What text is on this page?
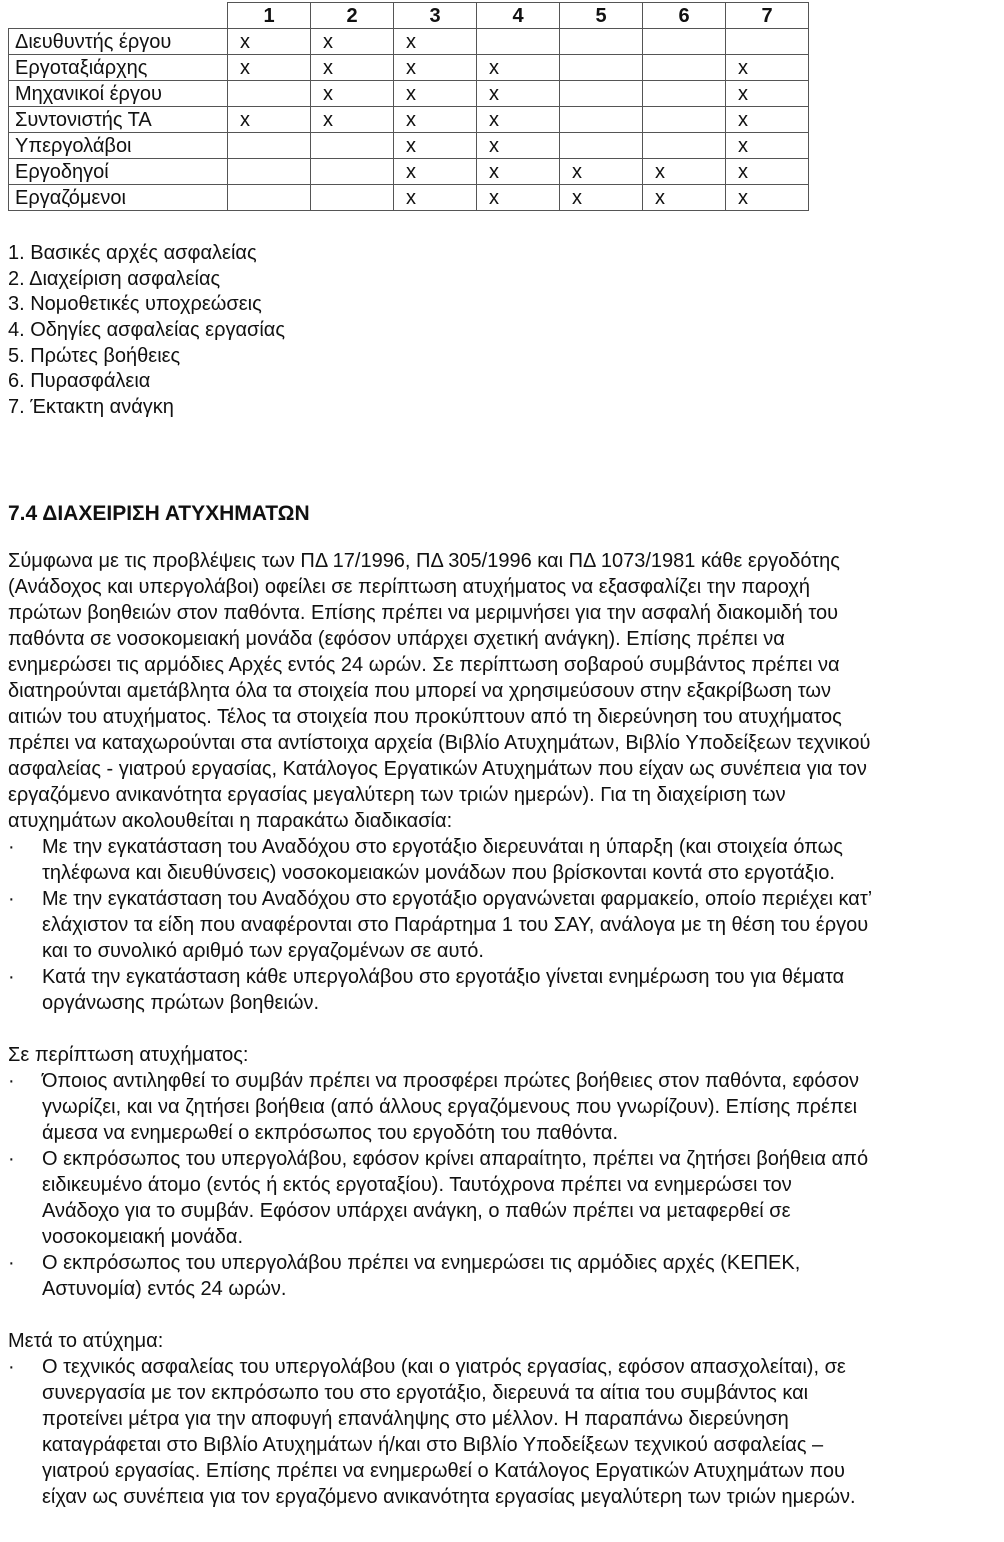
	1	2	3	4	5	6	7
Διευθυντής έργου	x	x	x				
Εργοταξιάρχης	x	x	x	x			x
Μηχανικοί έργου		x	x	x			x
Συντονιστής ΤΑ	x	x	x	x			x
Υπεργολάβοι			x	x			x
Εργοδηγοί			x	x	x	x	x
Εργαζόμενοι			x	x	x	x	x
1. Βασικές αρχές ασφαλείας
2. Διαχείριση ασφαλείας
3. Νομοθετικές υποχρεώσεις
4. Οδηγίες ασφαλείας εργασίας
5. Πρώτες βοήθειες
6. Πυρασφάλεια
7. Έκτακτη ανάγκη
7.4 ΔΙΑΧΕΙΡΙΣΗ ΑΤΥΧΗΜΑΤΩΝ
Σύμφωνα με τις προβλέψεις των ΠΔ 17/1996, ΠΔ 305/1996 και ΠΔ 1073/1981 κάθε εργοδότης
(Ανάδοχος και υπεργολάβοι) οφείλει σε περίπτωση ατυχήματος να εξασφαλίζει την παροχή
πρώτων βοηθειών στον παθόντα. Επίσης πρέπει να μεριμνήσει για την ασφαλή διακομιδή του
παθόντα σε νοσοκομειακή μονάδα (εφόσον υπάρχει σχετική ανάγκη). Επίσης πρέπει να
ενημερώσει τις αρμόδιες Αρχές εντός 24 ωρών. Σε περίπτωση σοβαρού συμβάντος πρέπει να
διατηρούνται αμετάβλητα όλα τα στοιχεία που μπορεί να χρησιμεύσουν στην εξακρίβωση των
αιτιών του ατυχήματος. Τέλος τα στοιχεία που προκύπτουν από τη διερεύνηση του ατυχήματος
πρέπει να καταχωρούνται στα αντίστοιχα αρχεία (Βιβλίο Ατυχημάτων, Βιβλίο Υποδείξεων τεχνικού
ασφαλείας - γιατρού εργασίας, Κατάλογος Εργατικών Ατυχημάτων που είχαν ως συνέπεια για τον
εργαζόμενο ανικανότητα εργασίας μεγαλύτερη των τριών ημερών). Για τη διαχείριση των
ατυχημάτων ακολουθείται η παρακάτω διαδικασία:
· Με την εγκατάσταση του Αναδόχου στο εργοτάξιο διερευνάται η ύπαρξη (και στοιχεία όπως
τηλέφωνα και διευθύνσεις) νοσοκομειακών μονάδων που βρίσκονται κοντά στο εργοτάξιο.
· Με την εγκατάσταση του Αναδόχου στο εργοτάξιο οργανώνεται φαρμακείο, οποίο περιέχει κατ’
ελάχιστον τα είδη που αναφέρονται στο Παράρτημα 1 του ΣΑΥ, ανάλογα με τη θέση του έργου
και το συνολικό αριθμό των εργαζομένων σε αυτό.
· Κατά την εγκατάσταση κάθε υπεργολάβου στο εργοτάξιο γίνεται ενημέρωση του για θέματα
οργάνωσης πρώτων βοηθειών.

Σε περίπτωση ατυχήματος:

· Όποιος αντιληφθεί το συμβάν πρέπει να προσφέρει πρώτες βοήθειες στον παθόντα, εφόσον
γνωρίζει, και να ζητήσει βοήθεια (από άλλους εργαζόμενους που γνωρίζουν). Επίσης πρέπει
άμεσα να ενημερωθεί ο εκπρόσωπος του εργοδότη του παθόντα.
· Ο εκπρόσωπος του υπεργολάβου, εφόσον κρίνει απαραίτητο, πρέπει να ζητήσει βοήθεια από
ειδικευμένο άτομο (εντός ή εκτός εργοταξίου). Ταυτόχρονα πρέπει να ενημερώσει τον
Ανάδοχο για το συμβάν. Εφόσον υπάρχει ανάγκη, ο παθών πρέπει να μεταφερθεί σε
νοσοκομειακή μονάδα.
· Ο εκπρόσωπος του υπεργολάβου πρέπει να ενημερώσει τις αρμόδιες αρχές (ΚΕΠΕΚ,
Αστυνομία) εντός 24 ωρών.

Μετά το ατύχημα:

· Ο τεχνικός ασφαλείας του υπεργολάβου (και ο γιατρός εργασίας, εφόσον απασχολείται), σε
συνεργασία με τον εκπρόσωπο του στο εργοτάξιο, διερευνά τα αίτια του συμβάντος και
προτείνει μέτρα για την αποφυγή επανάληψης στο μέλλον. Η παραπάνω διερεύνηση
καταγράφεται στο Βιβλίο Ατυχημάτων ή/και στο Βιβλίο Υποδείξεων τεχνικού ασφαλείας –
γιατρού εργασίας. Επίσης πρέπει να ενημερωθεί ο Κατάλογος Εργατικών Ατυχημάτων που
είχαν ως συνέπεια για τον εργαζόμενο ανικανότητα εργασίας μεγαλύτερη των τριών ημερών.
